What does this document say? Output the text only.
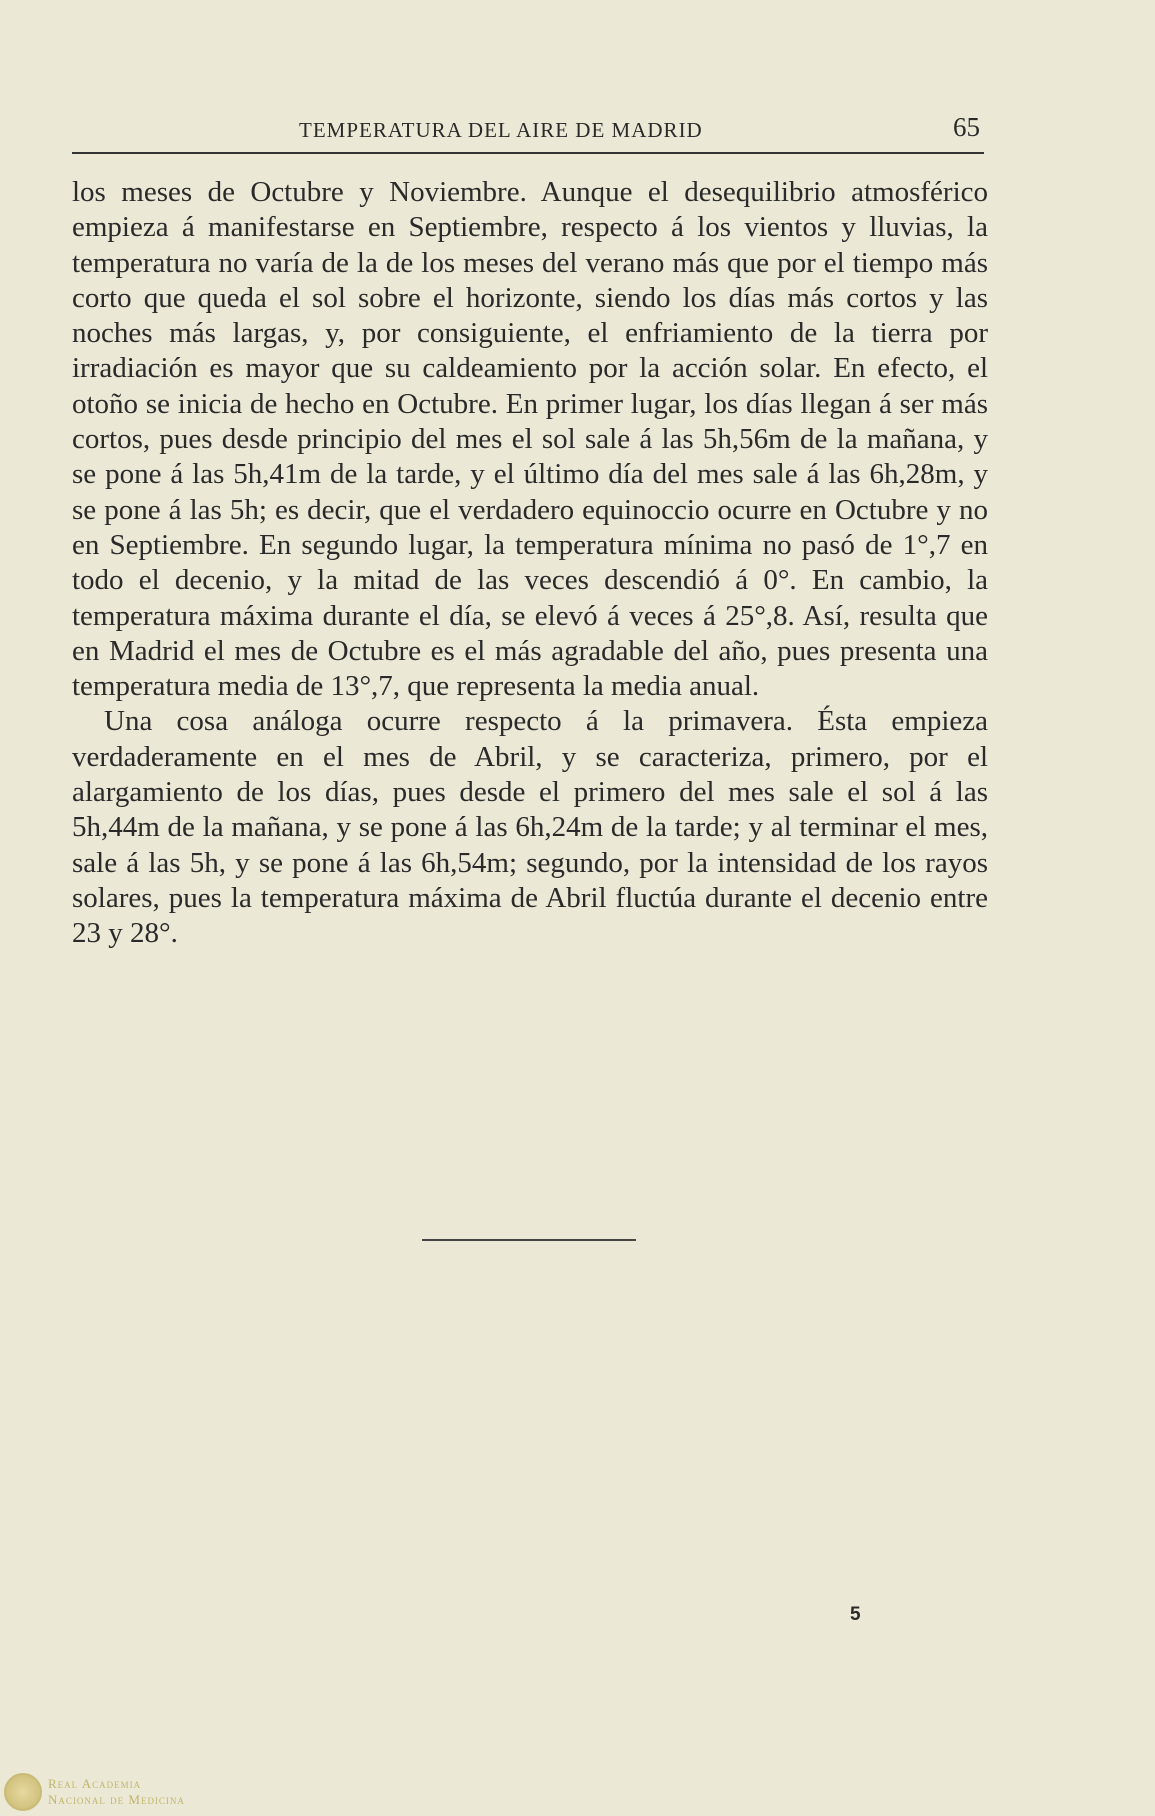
TEMPERATURA DEL AIRE DE MADRID	65

los meses de Octubre y Noviembre. Aunque el desequilibrio atmosférico empieza á manifestarse en Septiembre, respecto á los vientos y lluvias, la temperatura no varía de la de los meses del verano más que por el tiempo más corto que queda el sol sobre el horizonte, siendo los días más cortos y las noches más largas, y, por consiguiente, el enfriamiento de la tierra por irradiación es mayor que su caldeamiento por la acción solar. En efecto, el otoño se inicia de hecho en Octubre. En primer lugar, los días llegan á ser más cortos, pues desde principio del mes el sol sale á las 5h,56m de la mañana, y se pone á las 5h,41m de la tarde, y el último día del mes sale á las 6h,28m, y se pone á las 5h; es decir, que el verdadero equinoccio ocurre en Octubre y no en Septiembre. En segundo lugar, la temperatura mínima no pasó de 1°,7 en todo el decenio, y la mitad de las veces descendió á 0°. En cambio, la temperatura máxima durante el día, se elevó á veces á 25°,8. Así, resulta que en Madrid el mes de Octubre es el más agradable del año, pues presenta una temperatura media de 13°,7, que representa la media anual.

Una cosa análoga ocurre respecto á la primavera. Ésta empieza verdaderamente en el mes de Abril, y se caracteriza, primero, por el alargamiento de los días, pues desde el primero del mes sale el sol á las 5h,44m de la mañana, y se pone á las 6h,24m de la tarde; y al terminar el mes, sale á las 5h, y se pone á las 6h,54m; segundo, por la intensidad de los rayos solares, pues la temperatura máxima de Abril fluctúa durante el decenio entre 23 y 28°.

5
Real Academia
Nacional de Medicina
